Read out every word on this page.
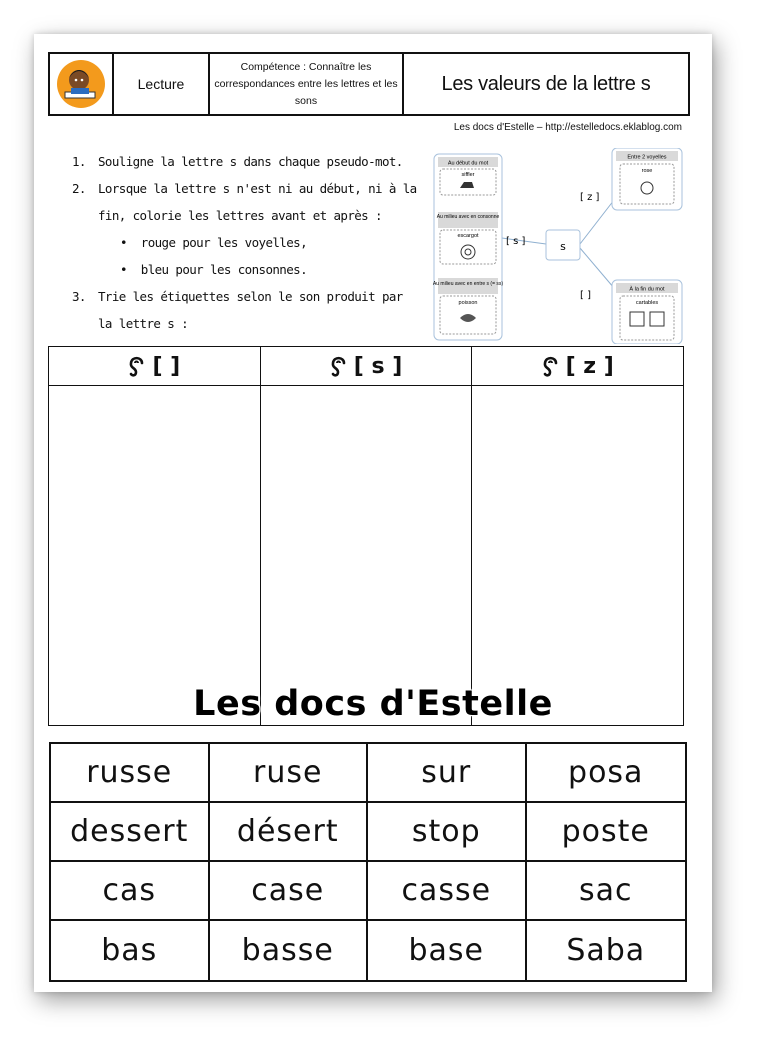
Lecture
Compétence : Connaître les correspondances entre les lettres et les sons
Les valeurs de la lettre s
Les docs d'Estelle – http://estelledocs.eklablog.com
1. Souligne la lettre s dans chaque pseudo-mot.
2. Lorsque la lettre s n'est ni au début, ni à la
fin, colorie les lettres avant et après :
•  rouge pour les voyelles,
•  bleu pour les consonnes.
3. Trie les étiquettes selon le son produit par
la lettre s :
Au début du mot
siffler
Au milieu avec en consonne
escargot
Au milieu avec en entre s (= ss)
poisson
[ s ]	s
[ z ]
Entre 2 voyelles
rose
[ ]
À la fin du mot
cartables
[ ]	[ s ]	[ z ]
Les docs d'Estelle
russe	ruse	sur	posa
dessert	désert	stop	poste
cas	case	casse	sac
bas	basse	base	Saba
